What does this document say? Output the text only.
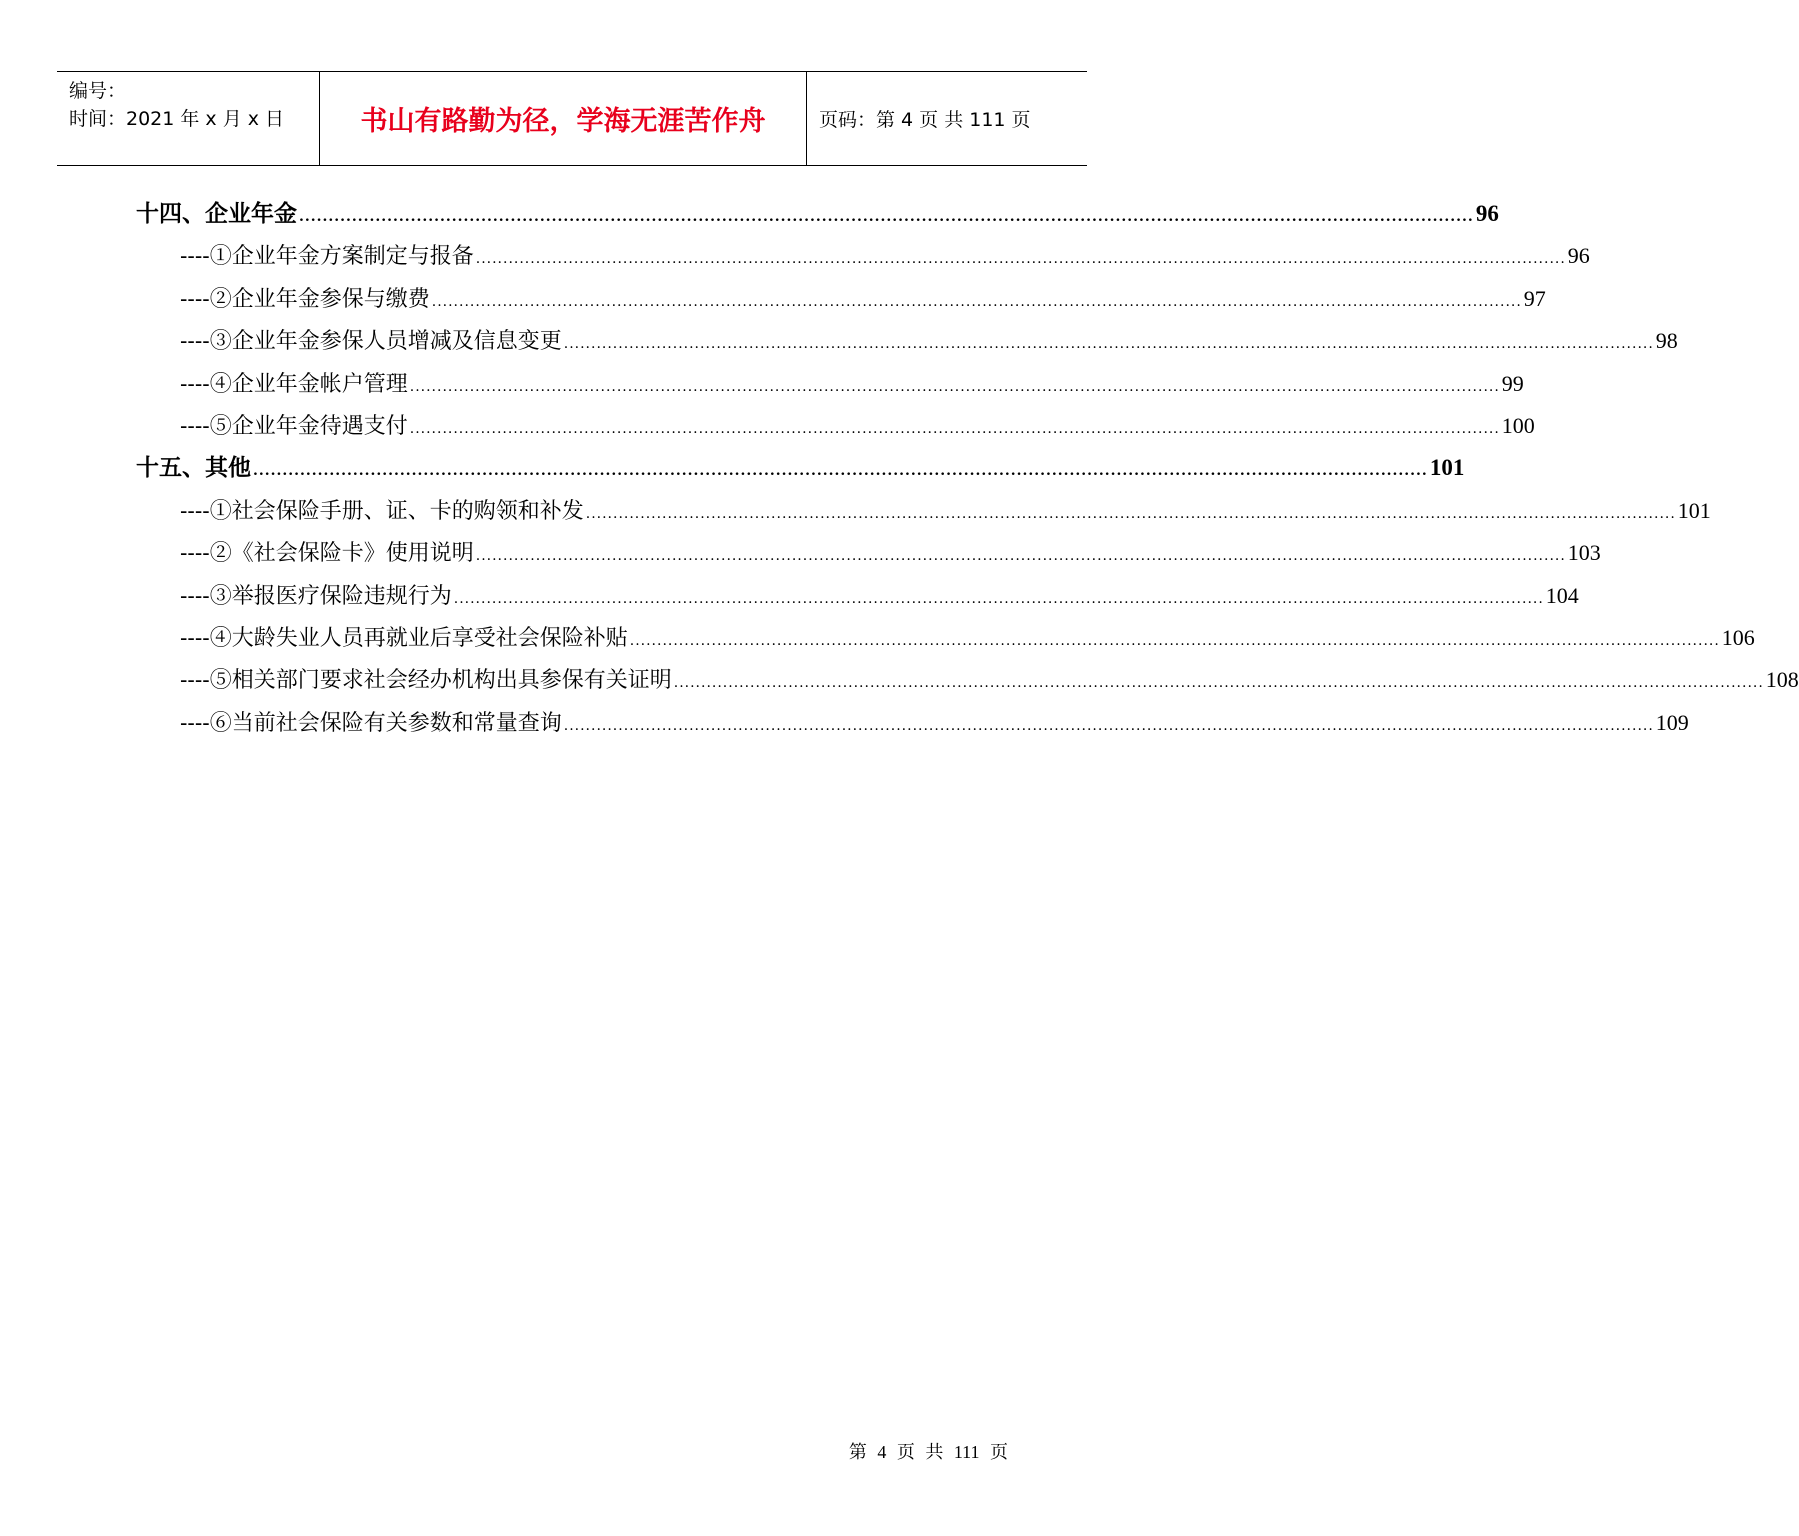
编号：
时间：2021 年 x 月 x 日	书山有路勤为径，学海无涯苦作舟	页码：第 4 页 共 111 页
十四、企业年金 ........................................................................................................................................................................................................ 96
----①企业年金方案制定与报备 ........................................................................................................................................................................................................ 96
----②企业年金参保与缴费 ........................................................................................................................................................................................................ 97
----③企业年金参保人员增减及信息变更 ........................................................................................................................................................................................................ 98
----④企业年金帐户管理 ........................................................................................................................................................................................................ 99
----⑤企业年金待遇支付 ........................................................................................................................................................................................................ 100
十五、其他 ........................................................................................................................................................................................................ 101
----①社会保险手册、证、卡的购领和补发 ........................................................................................................................................................................................................ 101
----②《社会保险卡》使用说明 ........................................................................................................................................................................................................ 103
----③举报医疗保险违规行为 ........................................................................................................................................................................................................ 104
----④大龄失业人员再就业后享受社会保险补贴 ........................................................................................................................................................................................................ 106
----⑤相关部门要求社会经办机构出具参保有关证明 ........................................................................................................................................................................................................ 108
----⑥当前社会保险有关参数和常量查询 ........................................................................................................................................................................................................ 109
第 4 页 共 111 页
